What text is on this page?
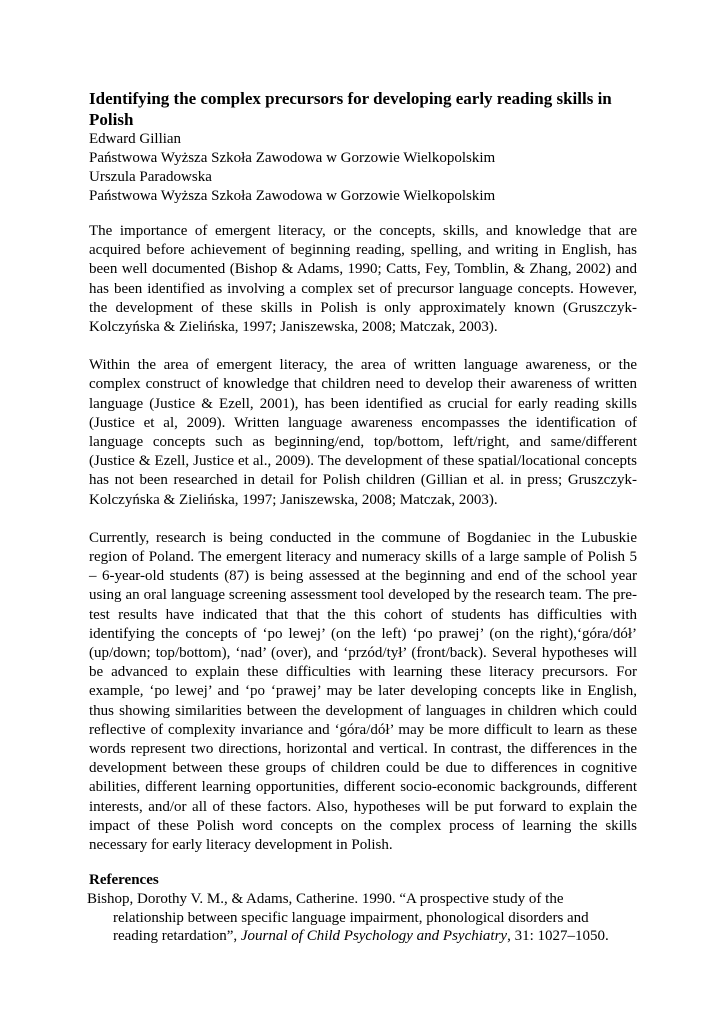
Identifying the complex precursors for developing early reading skills in Polish

Edward Gillian

Państwowa Wyższa Szkoła Zawodowa w Gorzowie Wielkopolskim

Urszula Paradowska

Państwowa Wyższa Szkoła Zawodowa w Gorzowie Wielkopolskim

The importance of emergent literacy, or the concepts, skills, and knowledge that are acquired before achievement of beginning reading, spelling, and writing in English, has been well documented (Bishop & Adams, 1990; Catts, Fey, Tomblin, & Zhang, 2002) and has been identified as involving a complex set of precursor language concepts. However, the development of these skills in Polish is only approximately known (Gruszczyk-Kolczyńska & Zielińska, 1997; Janiszewska, 2008; Matczak, 2003).

Within the area of emergent literacy, the area of written language awareness, or the complex construct of knowledge that children need to develop their awareness of written language (Justice & Ezell, 2001), has been identified as crucial for early reading skills (Justice et al, 2009). Written language awareness encompasses the identification of language concepts such as beginning/end, top/bottom, left/right, and same/different (Justice & Ezell, Justice et al., 2009). The development of these spatial/locational concepts has not been researched in detail for Polish children (Gillian et al. in press; Gruszczyk-Kolczyńska & Zielińska, 1997; Janiszewska, 2008; Matczak, 2003).

Currently, research is being conducted in the commune of Bogdaniec in the Lubuskie region of Poland. The emergent literacy and numeracy skills of a large sample of Polish 5 – 6-year-old students (87) is being assessed at the beginning and end of the school year using an oral language screening assessment tool developed by the research team. The pre-test results have indicated that that the this cohort of students has difficulties with identifying the concepts of ‘po lewej’ (on the left) ‘po prawej’ (on the right),‘góra/dół’ (up/down; top/bottom), ‘nad’ (over), and ‘przód/tył’ (front/back). Several hypotheses will be advanced to explain these difficulties with learning these literacy precursors. For example, ‘po lewej’ and ‘po ‘prawej’ may be later developing concepts like in English, thus showing similarities between the development of languages in children which could reflective of complexity invariance and ‘góra/dół’ may be more difficult to learn as these words represent two directions, horizontal and vertical. In contrast, the differences in the development between these groups of children could be due to differences in cognitive abilities, different learning opportunities, different socio-economic backgrounds, different interests, and/or all of these factors. Also, hypotheses will be put forward to explain the impact of these Polish word concepts on the complex process of learning the skills necessary for early literacy development in Polish.

References

Bishop, Dorothy V. M., & Adams, Catherine. 1990. “A prospective study of the relationship between specific language impairment, phonological disorders and reading retardation”, Journal of Child Psychology and Psychiatry, 31: 1027–1050.
